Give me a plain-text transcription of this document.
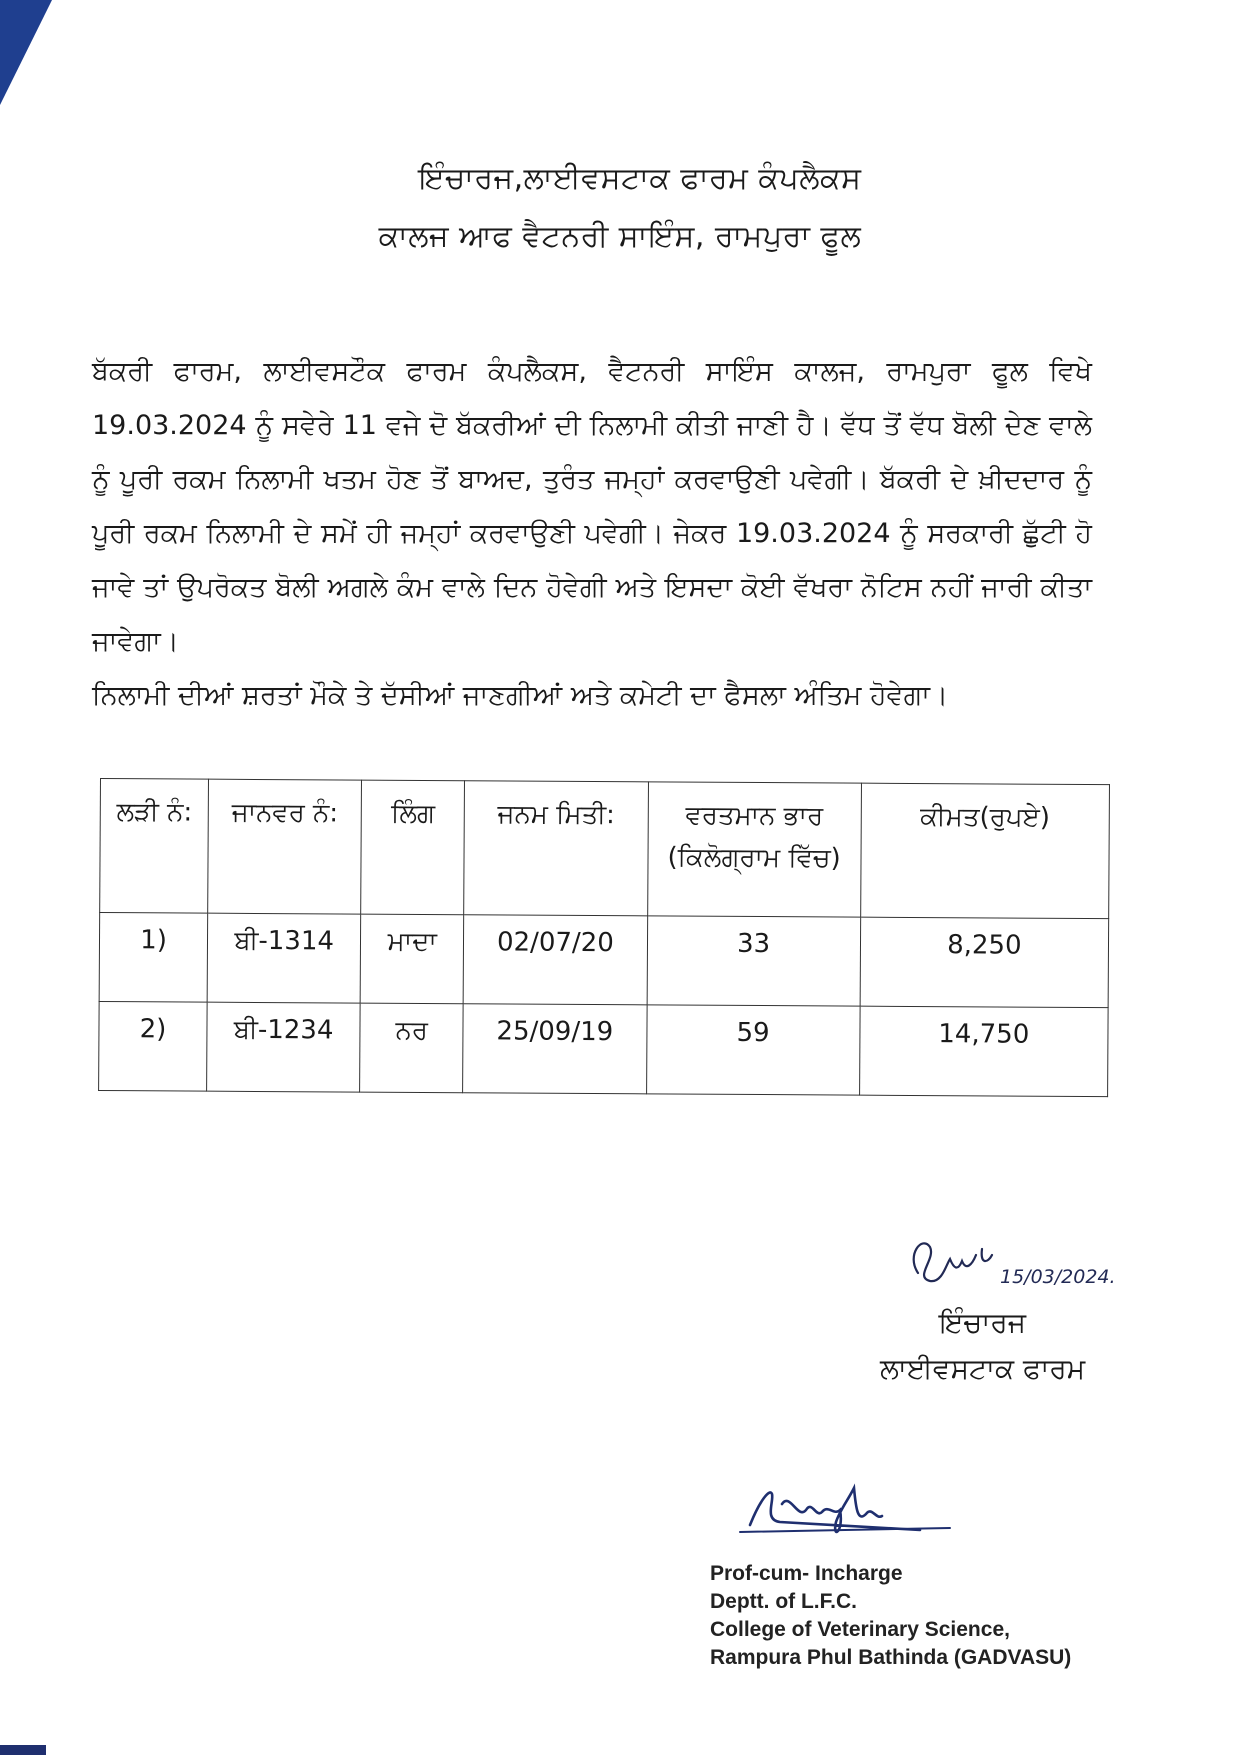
ਇੰਚਾਰਜ,ਲਾਈਵਸਟਾਕ ਫਾਰਮ ਕੰਪਲੈਕਸ
ਕਾਲਜ ਆਫ ਵੈਟਨਰੀ ਸਾਇੰਸ, ਰਾਮਪੁਰਾ ਫੂਲ

ਬੱਕਰੀ ਫਾਰਮ, ਲਾਈਵਸਟੌਕ ਫਾਰਮ ਕੰਪਲੈਕਸ, ਵੈਟਨਰੀ ਸਾਇੰਸ ਕਾਲਜ, ਰਾਮਪੁਰਾ ਫੂਲ ਵਿਖੇ 19.03.2024 ਨੂੰ ਸਵੇਰੇ 11 ਵਜੇ ਦੋ ਬੱਕਰੀਆਂ ਦੀ ਨਿਲਾਮੀ ਕੀਤੀ ਜਾਣੀ ਹੈ। ਵੱਧ ਤੋਂ ਵੱਧ ਬੋਲੀ ਦੇਣ ਵਾਲੇ ਨੂੰ ਪੂਰੀ ਰਕਮ ਨਿਲਾਮੀ ਖਤਮ ਹੋਣ ਤੋਂ ਬਾਅਦ, ਤੁਰੰਤ ਜਮ੍ਹਾਂ ਕਰਵਾਉਣੀ ਪਵੇਗੀ। ਬੱਕਰੀ ਦੇ ਖ਼ੀਦਦਾਰ ਨੂੰ ਪੂਰੀ ਰਕਮ ਨਿਲਾਮੀ ਦੇ ਸਮੇਂ ਹੀ ਜਮ੍ਹਾਂ ਕਰਵਾਉਣੀ ਪਵੇਗੀ। ਜੇਕਰ 19.03.2024 ਨੂੰ ਸਰਕਾਰੀ ਛੁੱਟੀ ਹੋ ਜਾਵੇ ਤਾਂ ਉਪਰੋਕਤ ਬੋਲੀ ਅਗਲੇ ਕੰਮ ਵਾਲੇ ਦਿਨ ਹੋਵੇਗੀ ਅਤੇ ਇਸਦਾ ਕੋਈ ਵੱਖਰਾ ਨੋਟਿਸ ਨਹੀਂ ਜਾਰੀ ਕੀਤਾ ਜਾਵੇਗਾ।

ਨਿਲਾਮੀ ਦੀਆਂ ਸ਼ਰਤਾਂ ਮੌਕੇ ਤੇ ਦੱਸੀਆਂ ਜਾਣਗੀਆਂ ਅਤੇ ਕਮੇਟੀ ਦਾ ਫੈਸਲਾ ਅੰਤਿਮ ਹੋਵੇਗਾ।

ਲੜੀ ਨੰ:	ਜਾਨਵਰ ਨੰ:	ਲਿੰਗ	ਜਨਮ ਮਿਤੀ:	ਵਰਤਮਾਨ ਭਾਰ (ਕਿਲੋਗ੍ਰਾਮ ਵਿੱਚ)	ਕੀਮਤ(ਰੁਪਏ)
1)	ਬੀ-1314	ਮਾਦਾ	02/07/20	33	8,250
2)	ਬੀ-1234	ਨਰ	25/09/19	59	14,750
15/03/2024.
ਇੰਚਾਰਜ
ਲਾਈਵਸਟਾਕ ਫਾਰਮ
Prof-cum- Incharge
Deptt. of L.F.C.
College of Veterinary Science,
Rampura Phul Bathinda (GADVASU)
